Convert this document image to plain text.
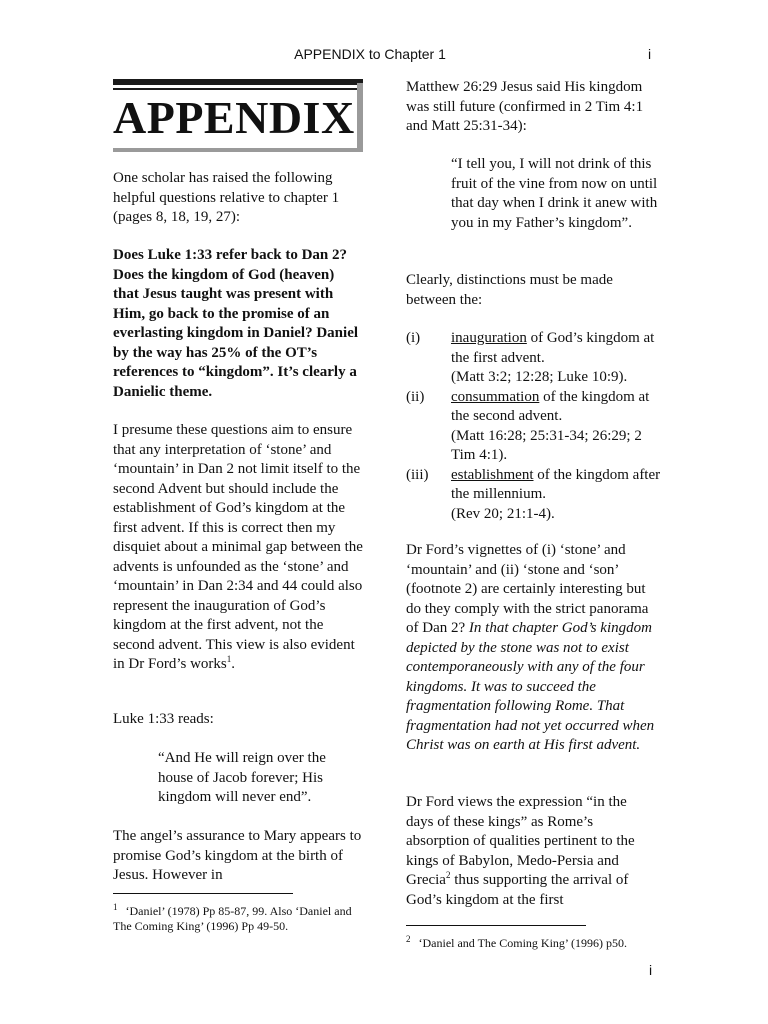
APPENDIX to Chapter 1	i
APPENDIX

One scholar has raised the following helpful questions relative to chapter 1 (pages 8, 18, 19, 27):

Does Luke 1:33 refer back to Dan 2? Does the kingdom of God (heaven) that Jesus taught was present with Him, go back to the promise of an everlasting kingdom in Daniel? Daniel by the way has 25% of the OT’s references to “kingdom”. It’s clearly a Danielic theme.

I presume these questions aim to ensure that any interpretation of ‘stone’ and ‘mountain’ in Dan 2 not limit itself to the second Advent but should include the establishment of God’s kingdom at the first advent. If this is correct then my disquiet about a minimal gap between the advents is unfounded as the ‘stone’ and ‘mountain’ in Dan 2:34 and 44 could also represent the inauguration of God’s kingdom at the first advent, not the second advent. This view is also evident in Dr Ford’s works$^1$.

Luke 1:33 reads:

“And He will reign over the house of Jacob forever; His kingdom will never end”.

The angel’s assurance to Mary appears to promise God’s kingdom at the birth of Jesus. However in

$^1$ ‘Daniel’ (1978) Pp 85-87, 99. Also ‘Daniel and The Coming King’ (1996) Pp 49-50.

Matthew 26:29 Jesus said His kingdom was still future (confirmed in 2 Tim 4:1 and Matt 25:31-34):

“I tell you, I will not drink of this fruit of the vine from now on until that day when I drink it anew with you in my Father’s kingdom”.

Clearly, distinctions must be made between the:

(i) inauguration of God’s kingdom at the first advent.
(Matt 3:2; 12:28; Luke 10:9).
(ii) consummation of the kingdom at the second advent.
(Matt 16:28; 25:31-34; 26:29; 2 Tim 4:1).
(iii) establishment of the kingdom after the millennium.
(Rev 20; 21:1-4).

Dr Ford’s vignettes of (i) ‘stone’ and ‘mountain’ and (ii) ‘stone and ‘son’ (footnote 2) are certainly interesting but do they comply with the strict panorama of Dan 2? In that chapter God’s kingdom depicted by the stone was not to exist contemporaneously with any of the four kingdoms. It was to succeed the fragmentation following Rome. That fragmentation had not yet occurred when Christ was on earth at His first advent.

Dr Ford views the expression “in the days of these kings” as Rome’s absorption of qualities pertinent to the kings of Babylon, Medo-Persia and Grecia$^2$ thus supporting the arrival of God’s kingdom at the first

$^2$ ‘Daniel and The Coming King’ (1996) p50.

i
